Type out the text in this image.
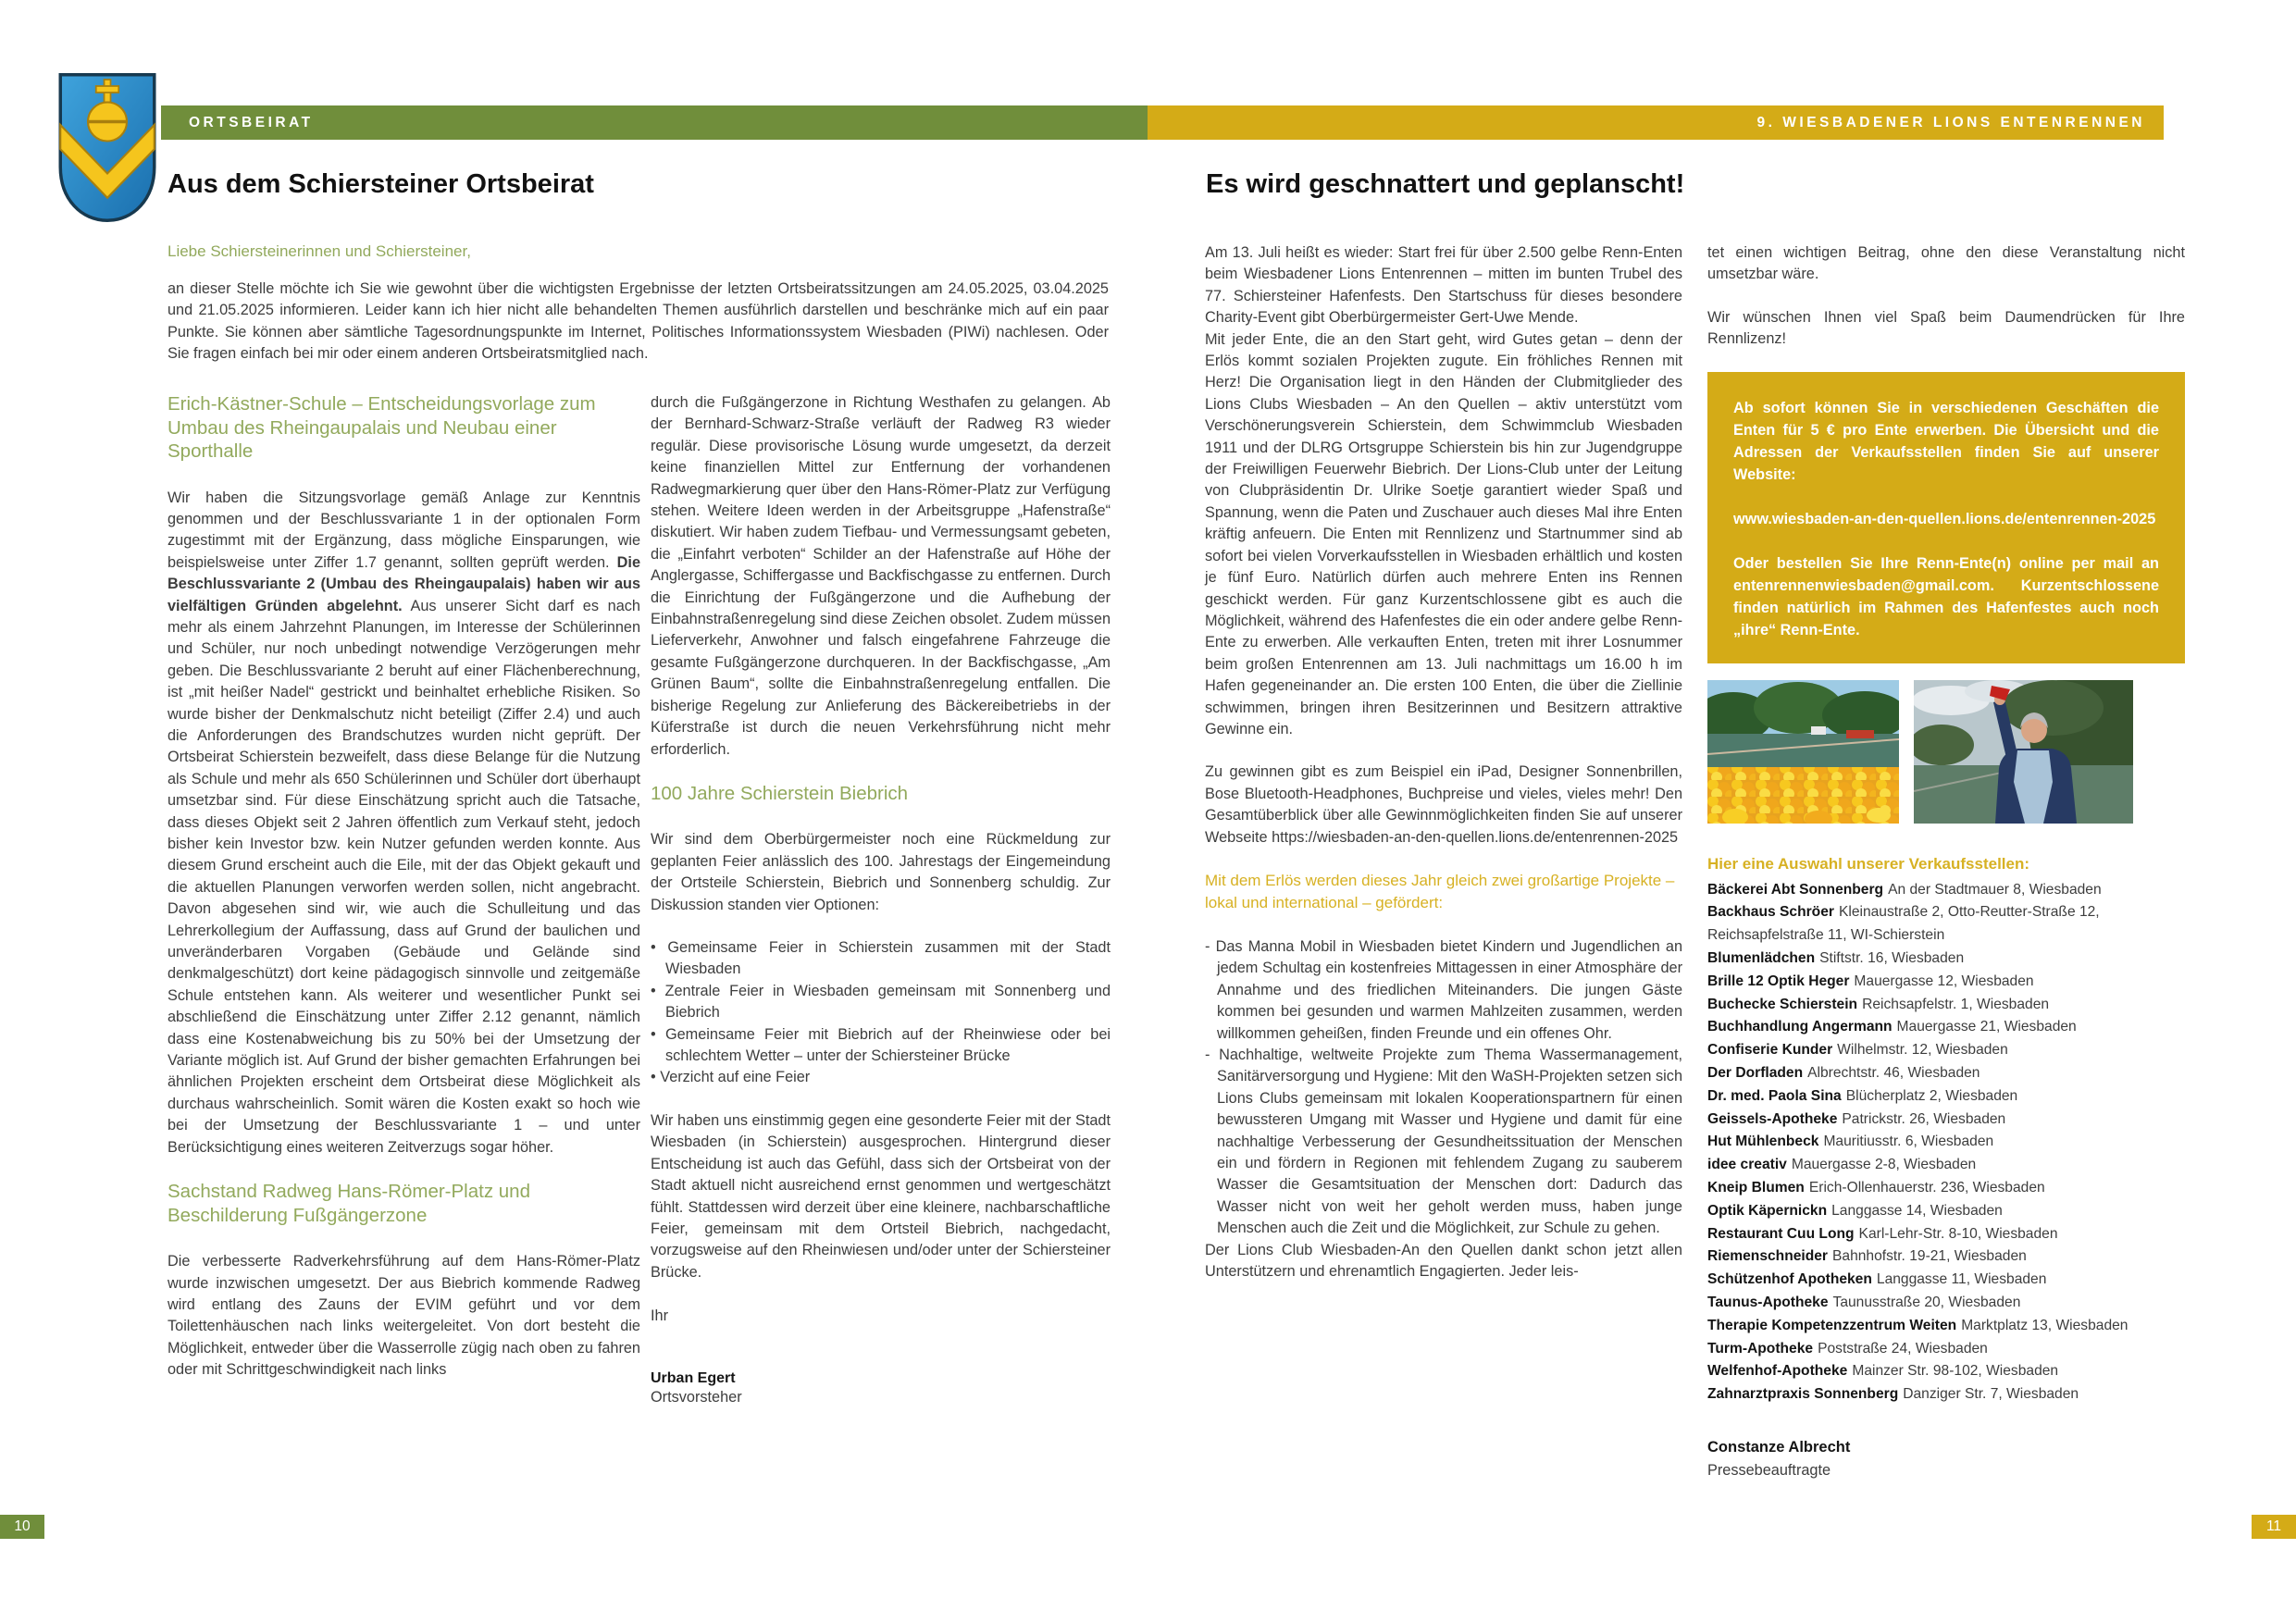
ORTSBEIRAT	9. WIESBADENER LIONS ENTENRENNEN
Aus dem Schiersteiner Ortsbeirat	Es wird geschnattert und geplanscht!
Liebe Schiersteinerinnen und Schiersteiner,
an dieser Stelle möchte ich Sie wie gewohnt über die wichtigsten Ergebnisse der letzten Ortsbeiratssitzungen am 24.05.2025, 03.04.2025 und 21.05.2025 informieren. Leider kann ich hier nicht alle behandelten Themen ausführlich darstellen und beschränke mich auf ein paar Punkte. Sie können aber sämtliche Tagesordnungspunkte im Internet, Politisches Informationssystem Wiesbaden (PIWi) nachlesen. Oder Sie fragen einfach bei mir oder einem anderen Ortsbeiratsmitglied nach.
Erich-Kästner-Schule – Entscheidungsvorlage zum Umbau des Rheingaupalais und Neubau einer Sporthalle

Wir haben die Sitzungsvorlage gemäß Anlage zur Kenntnis genommen und der Beschlussvariante 1 in der optionalen Form zugestimmt mit der Ergänzung, dass mögliche Einsparungen, wie beispielsweise unter Ziffer 1.7 genannt, sollten geprüft werden. Die Beschlussvariante 2 (Umbau des Rheingaupalais) haben wir aus vielfältigen Gründen abgelehnt. Aus unserer Sicht darf es nach mehr als einem Jahrzehnt Planungen, im Interesse der Schülerinnen und Schüler, nur noch unbedingt notwendige Verzögerungen mehr geben. Die Beschlussvariante 2 beruht auf einer Flächenberechnung, ist „mit heißer Nadel“ gestrickt und beinhaltet erhebliche Risiken. So wurde bisher der Denkmalschutz nicht beteiligt (Ziffer 2.4) und auch die Anforderungen des Brandschutzes wurden nicht geprüft. Der Ortsbeirat Schierstein bezweifelt, dass diese Belange für die Nutzung als Schule und mehr als 650 Schülerinnen und Schüler dort überhaupt umsetzbar sind. Für diese Einschätzung spricht auch die Tatsache, dass dieses Objekt seit 2 Jahren öffentlich zum Verkauf steht, jedoch bisher kein Investor bzw. kein Nutzer gefunden werden konnte. Aus diesem Grund erscheint auch die Eile, mit der das Objekt gekauft und die aktuellen Planungen verworfen werden sollen, nicht angebracht. Davon abgesehen sind wir, wie auch die Schulleitung und das Lehrerkollegium der Auffassung, dass auf Grund der baulichen und unveränderbaren Vorgaben (Gebäude und Gelände sind denkmalgeschützt) dort keine pädagogisch sinnvolle und zeitgemäße Schule entstehen kann. Als weiterer und wesentlicher Punkt sei abschließend die Einschätzung unter Ziffer 2.12 genannt, nämlich dass eine Kostenabweichung bis zu 50% bei der Umsetzung der Variante möglich ist. Auf Grund der bisher gemachten Erfahrungen bei ähnlichen Projekten erscheint dem Ortsbeirat diese Möglichkeit als durchaus wahrscheinlich. Somit wären die Kosten exakt so hoch wie bei der Umsetzung der Beschlussvariante 1 – und unter Berücksichtigung eines weiteren Zeitverzugs sogar höher.

Sachstand Radweg Hans-Römer-Platz und Beschilderung Fußgängerzone

Die verbesserte Radverkehrsführung auf dem Hans-Römer-Platz wurde inzwischen umgesetzt. Der aus Biebrich kommende Radweg wird entlang des Zauns der EVIM geführt und vor dem Toilettenhäuschen nach links weitergeleitet. Von dort besteht die Möglichkeit, entweder über die Wasserrolle zügig nach oben zu fahren oder mit Schrittgeschwindigkeit nach links

durch die Fußgängerzone in Richtung Westhafen zu gelangen. Ab der Bernhard-Schwarz-Straße verläuft der Radweg R3 wieder regulär. Diese provisorische Lösung wurde umgesetzt, da derzeit keine finanziellen Mittel zur Entfernung der vorhandenen Radwegmarkierung quer über den Hans-Römer-Platz zur Verfügung stehen. Weitere Ideen werden in der Arbeitsgruppe „Hafenstraße“ diskutiert. Wir haben zudem Tiefbau- und Vermessungsamt gebeten, die „Einfahrt verboten“ Schilder an der Hafenstraße auf Höhe der Anglergasse, Schiffergasse und Backfischgasse zu entfernen. Durch die Einrichtung der Fußgängerzone und die Aufhebung der Einbahnstraßenregelung sind diese Zeichen obsolet. Zudem müssen Lieferverkehr, Anwohner und falsch eingefahrene Fahrzeuge die gesamte Fußgängerzone durchqueren. In der Backfischgasse, „Am Grünen Baum“, sollte die Einbahnstraßenregelung entfallen. Die bisherige Regelung zur Anlieferung des Bäckereibetriebs in der Küferstraße ist durch die neuen Verkehrsführung nicht mehr erforderlich.

100 Jahre Schierstein Biebrich

Wir sind dem Oberbürgermeister noch eine Rückmeldung zur geplanten Feier anlässlich des 100. Jahrestags der Eingemeindung der Ortsteile Schierstein, Biebrich und Sonnenberg schuldig. Zur Diskussion standen vier Optionen:

• Gemeinsame Feier in Schierstein zusammen mit der Stadt Wiesbaden

• Zentrale Feier in Wiesbaden gemeinsam mit Sonnenberg und Biebrich

• Gemeinsame Feier mit Biebrich auf der Rheinwiese oder bei schlechtem Wetter – unter der Schiersteiner Brücke

• Verzicht auf eine Feier

Wir haben uns einstimmig gegen eine gesonderte Feier mit der Stadt Wiesbaden (in Schierstein) ausgesprochen. Hintergrund dieser Entscheidung ist auch das Gefühl, dass sich der Ortsbeirat von der Stadt aktuell nicht ausreichend ernst genommen und wertgeschätzt fühlt. Stattdessen wird derzeit über eine kleinere, nachbarschaftliche Feier, gemeinsam mit dem Ortsteil Biebrich, nachgedacht, vorzugsweise auf den Rheinwiesen und/oder unter der Schiersteiner Brücke.

Ihr

Urban Egert

Ortsvorsteher

Am 13. Juli heißt es wieder: Start frei für über 2.500 gelbe Renn-Enten beim Wiesbadener Lions Entenrennen – mitten im bunten Trubel des 77. Schiersteiner Hafenfests. Den Startschuss für dieses besondere Charity-Event gibt Oberbürgermeister Gert-Uwe Mende.

Mit jeder Ente, die an den Start geht, wird Gutes getan – denn der Erlös kommt sozialen Projekten zugute. Ein fröhliches Rennen mit Herz! Die Organisation liegt in den Händen der Clubmitglieder des Lions Clubs Wiesbaden – An den Quellen – aktiv unterstützt vom Verschönerungsverein Schierstein, dem Schwimmclub Wiesbaden 1911 und der DLRG Ortsgruppe Schierstein bis hin zur Jugendgruppe der Freiwilligen Feuerwehr Biebrich. Der Lions-Club unter der Leitung von Clubpräsidentin Dr. Ulrike Soetje garantiert wieder Spaß und Spannung, wenn die Paten und Zuschauer auch dieses Mal ihre Enten kräftig anfeuern. Die Enten mit Rennlizenz und Startnummer sind ab sofort bei vielen Vorverkaufsstellen in Wiesbaden erhältlich und kosten je fünf Euro. Natürlich dürfen auch mehrere Enten ins Rennen geschickt werden. Für ganz Kurzentschlossene gibt es auch die Möglichkeit, während des Hafenfestes die ein oder andere gelbe Renn-Ente zu erwerben. Alle verkauften Enten, treten mit ihrer Losnummer beim großen Entenrennen am 13. Juli nachmittags um 16.00 h im Hafen gegeneinander an. Die ersten 100 Enten, die über die Ziellinie schwimmen, bringen ihren Besitzerinnen und Besitzern attraktive Gewinne ein.

Zu gewinnen gibt es zum Beispiel ein iPad, Designer Sonnenbrillen, Bose Bluetooth-Headphones, Buchpreise und vieles, vieles mehr! Den Gesamtüberblick über alle Gewinnmöglichkeiten finden Sie auf unserer Webseite https://wiesbaden-an-den-quellen.lions.de/entenrennen-2025

Mit dem Erlös werden dieses Jahr gleich zwei großartige Projekte – lokal und international – gefördert:

- Das Manna Mobil in Wiesbaden bietet Kindern und Jugendlichen an jedem Schultag ein kostenfreies Mittagessen in einer Atmosphäre der Annahme und des friedlichen Miteinanders. Die jungen Gäste kommen bei gesunden und warmen Mahlzeiten zusammen, werden willkommen geheißen, finden Freunde und ein offenes Ohr.

- Nachhaltige, weltweite Projekte zum Thema Wassermanagement, Sanitärversorgung und Hygiene: Mit den WaSH-Projekten setzen sich Lions Clubs gemeinsam mit lokalen Kooperationspartnern für einen bewussteren Umgang mit Wasser und Hygiene und damit für eine nachhaltige Verbesserung der Gesundheitssituation der Menschen ein und fördern in Regionen mit fehlendem Zugang zu sauberem Wasser die Gesamtsituation der Menschen dort: Dadurch das Wasser nicht von weit her geholt werden muss, haben junge Menschen auch die Zeit und die Möglichkeit, zur Schule zu gehen.

Der Lions Club Wiesbaden-An den Quellen dankt schon jetzt allen Unterstützern und ehrenamtlich Engagierten. Jeder leis-

tet einen wichtigen Beitrag, ohne den diese Veranstaltung nicht umsetzbar wäre.

Wir wünschen Ihnen viel Spaß beim Daumendrücken für Ihre Rennlizenz!

Ab sofort können Sie in verschiedenen Geschäften die Enten für 5 € pro Ente erwerben. Die Übersicht und die Adressen der Verkaufsstellen finden Sie auf unserer Website:

www.wiesbaden-an-den-quellen.lions.de/entenrennen-2025

Oder bestellen Sie Ihre Renn-Ente(n) online per mail an entenrennenwiesbaden@gmail.com. Kurzentschlossene finden natürlich im Rahmen des Hafenfestes auch noch „ihre“ Renn-Ente.

Hier eine Auswahl unserer Verkaufsstellen:
Bäckerei Abt Sonnenberg An der Stadtmauer 8, Wiesbaden
Backhaus Schröer Kleinaustraße 2, Otto-Reutter-Straße 12, Reichsapfelstraße 11, WI-Schierstein
Blumenlädchen Stiftstr. 16, Wiesbaden
Brille 12 Optik Heger Mauergasse 12, Wiesbaden
Buchecke Schierstein Reichsapfelstr. 1, Wiesbaden
Buchhandlung Angermann Mauergasse 21, Wiesbaden
Confiserie Kunder Wilhelmstr. 12, Wiesbaden
Der Dorfladen Albrechtstr. 46, Wiesbaden
Dr. med. Paola Sina Blücherplatz 2, Wiesbaden
Geissels-Apotheke Patrickstr. 26, Wiesbaden
Hut Mühlenbeck Mauritiusstr. 6, Wiesbaden
idee creativ Mauergasse 2-8, Wiesbaden
Kneip Blumen Erich-Ollenhauerstr. 236, Wiesbaden
Optik Käpernickn Langgasse 14, Wiesbaden
Restaurant Cuu Long Karl-Lehr-Str. 8-10, Wiesbaden
Riemenschneider Bahnhofstr. 19-21, Wiesbaden
Schützenhof Apotheken Langgasse 11, Wiesbaden
Taunus-Apotheke Taunusstraße 20, Wiesbaden
Therapie Kompetenzzentrum Weiten Marktplatz 13, Wiesbaden
Turm-Apotheke Poststraße 24, Wiesbaden
Welfenhof-Apotheke Mainzer Str. 98-102, Wiesbaden
Zahnarztpraxis Sonnenberg Danziger Str. 7, Wiesbaden
Constanze Albrecht
Pressebeauftragte
10	11
